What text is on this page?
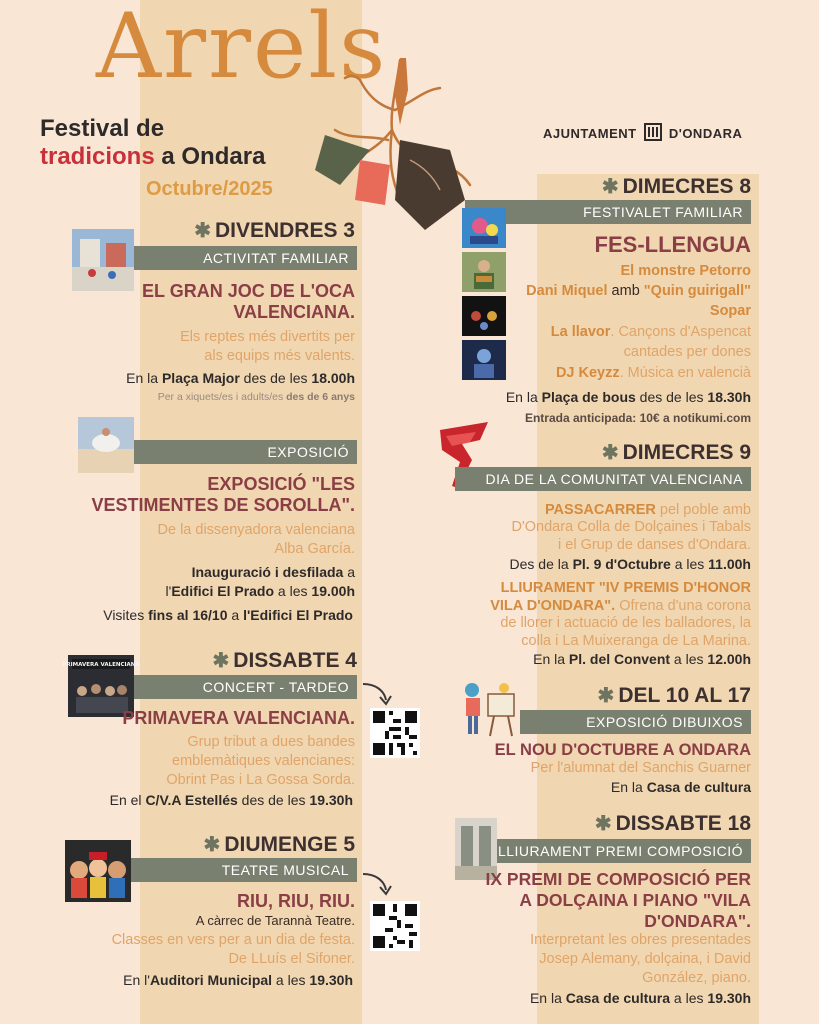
Arrels
Festival de
tradicions a Ondara
Octubre/2025
AJUNTAMENT D'ONDARA
✱ DIVENDRES 3
ACTIVITAT FAMILIAR
EL GRAN JOC DE L'OCA
VALENCIANA.
Els reptes més divertits per
als equips més valents.
En la Plaça Major des de les 18.00h
Per a xiquets/es i adults/es des de 6 anys
EXPOSICIÓ
EXPOSICIÓ "LES
VESTIMENTES DE SOROLLA".
De la dissenyadora valenciana
Alba García.
Inauguració i desfilada a
l'Edifici El Prado a les 19.00h
Visites fins al 16/10 a l'Edifici El Prado
✱ DISSABTE 4
CONCERT - TARDEO
PRIMAVERA VALENCIANA
PRIMAVERA VALENCIANA.
Grup tribut a dues bandes
emblemàtiques valencianes:
Obrint Pas i La Gossa Sorda.
En el C/V.A Estellés des de les 19.30h
✱ DIUMENGE 5
TEATRE MUSICAL
RIU, RIU, RIU.
A càrrec de Tarannà Teatre.
Classes en vers per a un dia de festa.
De LLuís el Sifoner.
En l'Auditori Municipal a les 19.30h
✱ DIMECRES 8
FESTIVALET FAMILIAR
FES-LLENGUA
El monstre Petorro
Dani Miquel amb "Quin guirigall"
Sopar
La llavor. Cançons d'Aspencat
cantades per dones
DJ Keyzz. Música en valencià
En la Plaça de bous des de les 18.30h
Entrada anticipada: 10€ a notikumi.com
✱ DIMECRES 9
DIA DE LA COMUNITAT VALENCIANA
PASSACARRER pel poble amb
D'Ondara Colla de Dolçaines i Tabals
i el Grup de danses d'Ondara.
Des de la Pl. 9 d'Octubre a les 11.00h
LLIURAMENT "IV PREMIS D'HONOR
VILA D'ONDARA". Ofrena d'una corona
de llorer i actuació de les balladores, la
colla i La Muixeranga de La Marina.
En la Pl. del Convent a les 12.00h
✱ DEL 10 AL 17
EXPOSICIÓ DIBUIXOS
EL NOU D'OCTUBRE A ONDARA
Per l'alumnat del Sanchis Guarner
En la Casa de cultura
✱ DISSABTE 18
LLIURAMENT PREMI COMPOSICIÓ
IX PREMI DE COMPOSICIÓ PER
A DOLÇAINA I PIANO "VILA
D'ONDARA".
Interpretant les obres presentades
Josep Alemany, dolçaina, i David
González, piano.
En la Casa de cultura a les 19.30h
